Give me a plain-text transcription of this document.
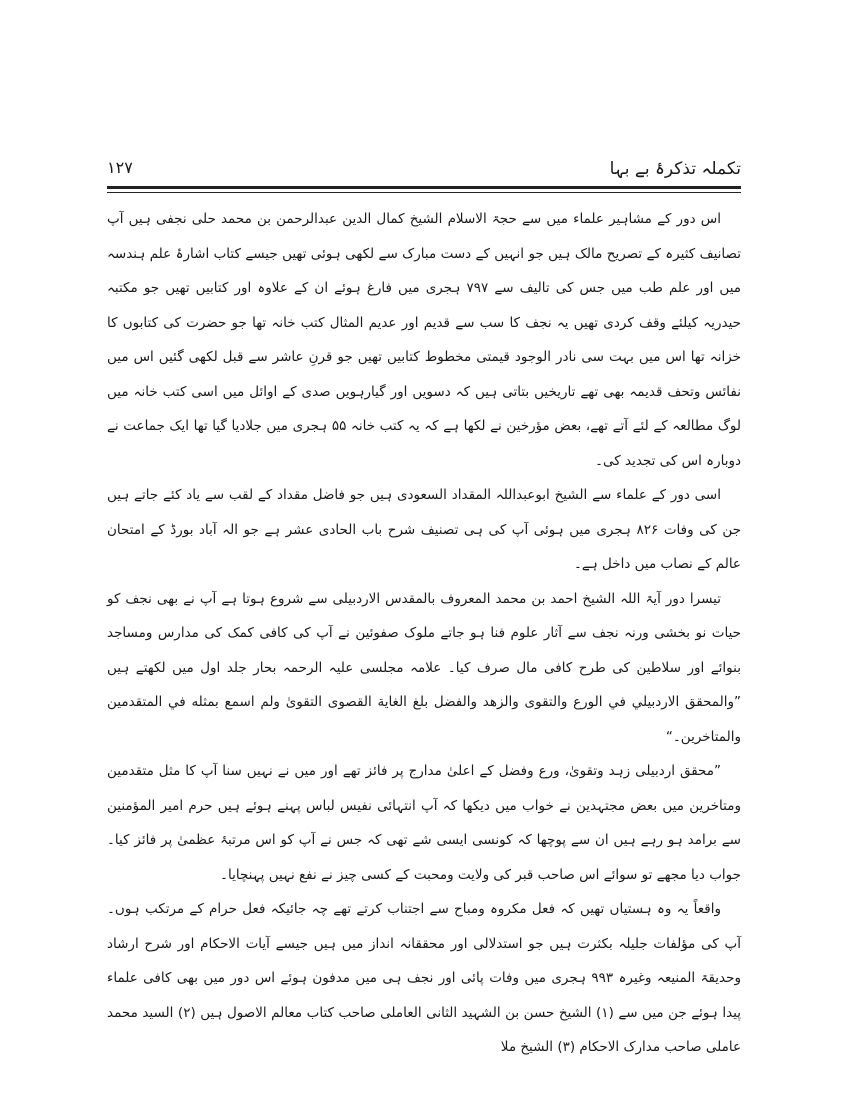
تکملہ تذکرۂ بے بہا
۱۲۷

اس دور کے مشاہیر علماء میں سے حجۃ الاسلام الشیخ کمال الدین عبدالرحمن بن محمد حلی نجفی ہیں آپ تصانیف کثیرہ کے تصریح مالک ہیں جو انہیں کے دست مبارک سے لکھی ہوئی تھیں جیسے کتاب اشارۂ علم ہندسہ میں اور علم طب میں جس کی تالیف سے ۷۹۷ ہجری میں فارغ ہوئے ان کے علاوہ اور کتابیں تھیں جو مکتبہ حیدریہ کیلئے وقف کردی تھیں یہ نجف کا سب سے قدیم اور عدیم المثال کتب خانہ تھا جو حضرت کی کتابوں کا خزانہ تھا اس میں بہت سی نادر الوجود قیمتی مخطوط کتابیں تھیں جو قرنِ عاشر سے قبل لکھی گئیں اس میں نفائس وتحف قدیمہ بھی تھے تاریخیں بتاتی ہیں کہ دسویں اور گیارہویں صدی کے اوائل میں اسی کتب خانہ میں لوگ مطالعہ کے لئے آتے تھے، بعض مؤرخین نے لکھا ہے کہ یہ کتب خانہ ۵۵ ہجری میں جلادیا گیا تھا ایک جماعت نے دوبارہ اس کی تجدید کی۔

اسی دور کے علماء سے الشیخ ابوعبداللہ المقداد السعودی ہیں جو فاضل مقداد کے لقب سے یاد کئے جاتے ہیں جن کی وفات ۸۲۶ ہجری میں ہوئی آپ کی ہی تصنیف شرح باب الحادی عشر ہے جو الہ آباد بورڈ کے امتحان عالم کے نصاب میں داخل ہے۔

تیسرا دور آیۃ اللہ الشیخ احمد بن محمد المعروف بالمقدس الاردبیلی سے شروع ہوتا ہے آپ نے بھی نجف کو حیات نو بخشی ورنہ نجف سے آثار علوم فنا ہو جاتے ملوک صفوئین نے آپ کی کافی کمک کی مدارس ومساجد بنوائے اور سلاطین کی طرح کافی مال صرف کیا۔ علامہ مجلسی علیہ الرحمہ بحار جلد اول میں لکھتے ہیں ”والمحقق الاردبیلي في الورع والتقوى والزهد والفضل بلغ الغاية القصوى التقوىٰ ولم اسمع بمثله في المتقدمين والمتاخرين۔“

”محقق اردبیلی زہد وتقویٰ، ورع وفضل کے اعلیٰ مدارج پر فائز تھے اور میں نے نہیں سنا آپ کا مثل متقدمین ومتاخرین میں بعض مجتہدین نے خواب میں دیکھا کہ آپ انتہائی نفیس لباس پہنے ہوئے ہیں حرم امیر المؤمنین سے برامد ہو رہے ہیں ان سے پوچھا کہ کونسی ایسی شے تھی کہ جس نے آپ کو اس مرتبۂ عظمیٰ پر فائز کیا۔ جواب دیا مجھے تو سوائے اس صاحب قبر کی ولایت ومحبت کے کسی چیز نے نفع نہیں پہنچایا۔

واقعاً یہ وہ ہستیاں تھیں کہ فعل مکروہ ومباح سے اجتناب کرتے تھے چہ جائیکہ فعل حرام کے مرتکب ہوں۔ آپ کی مؤلفات جلیلہ بکثرت ہیں جو استدلالی اور محققانہ انداز میں ہیں جیسے آیات الاحکام اور شرح ارشاد وحدیقۃ المنیعہ وغیرہ ۹۹۳ ہجری میں وفات پائی اور نجف ہی میں مدفون ہوئے اس دور میں بھی کافی علماء پیدا ہوئے جن میں سے (۱) الشیخ حسن بن الشہید الثانی العاملی صاحب کتاب معالم الاصول ہیں (۲) السید محمد عاملی صاحب مدارک الاحکام (۳) الشیخ ملا
